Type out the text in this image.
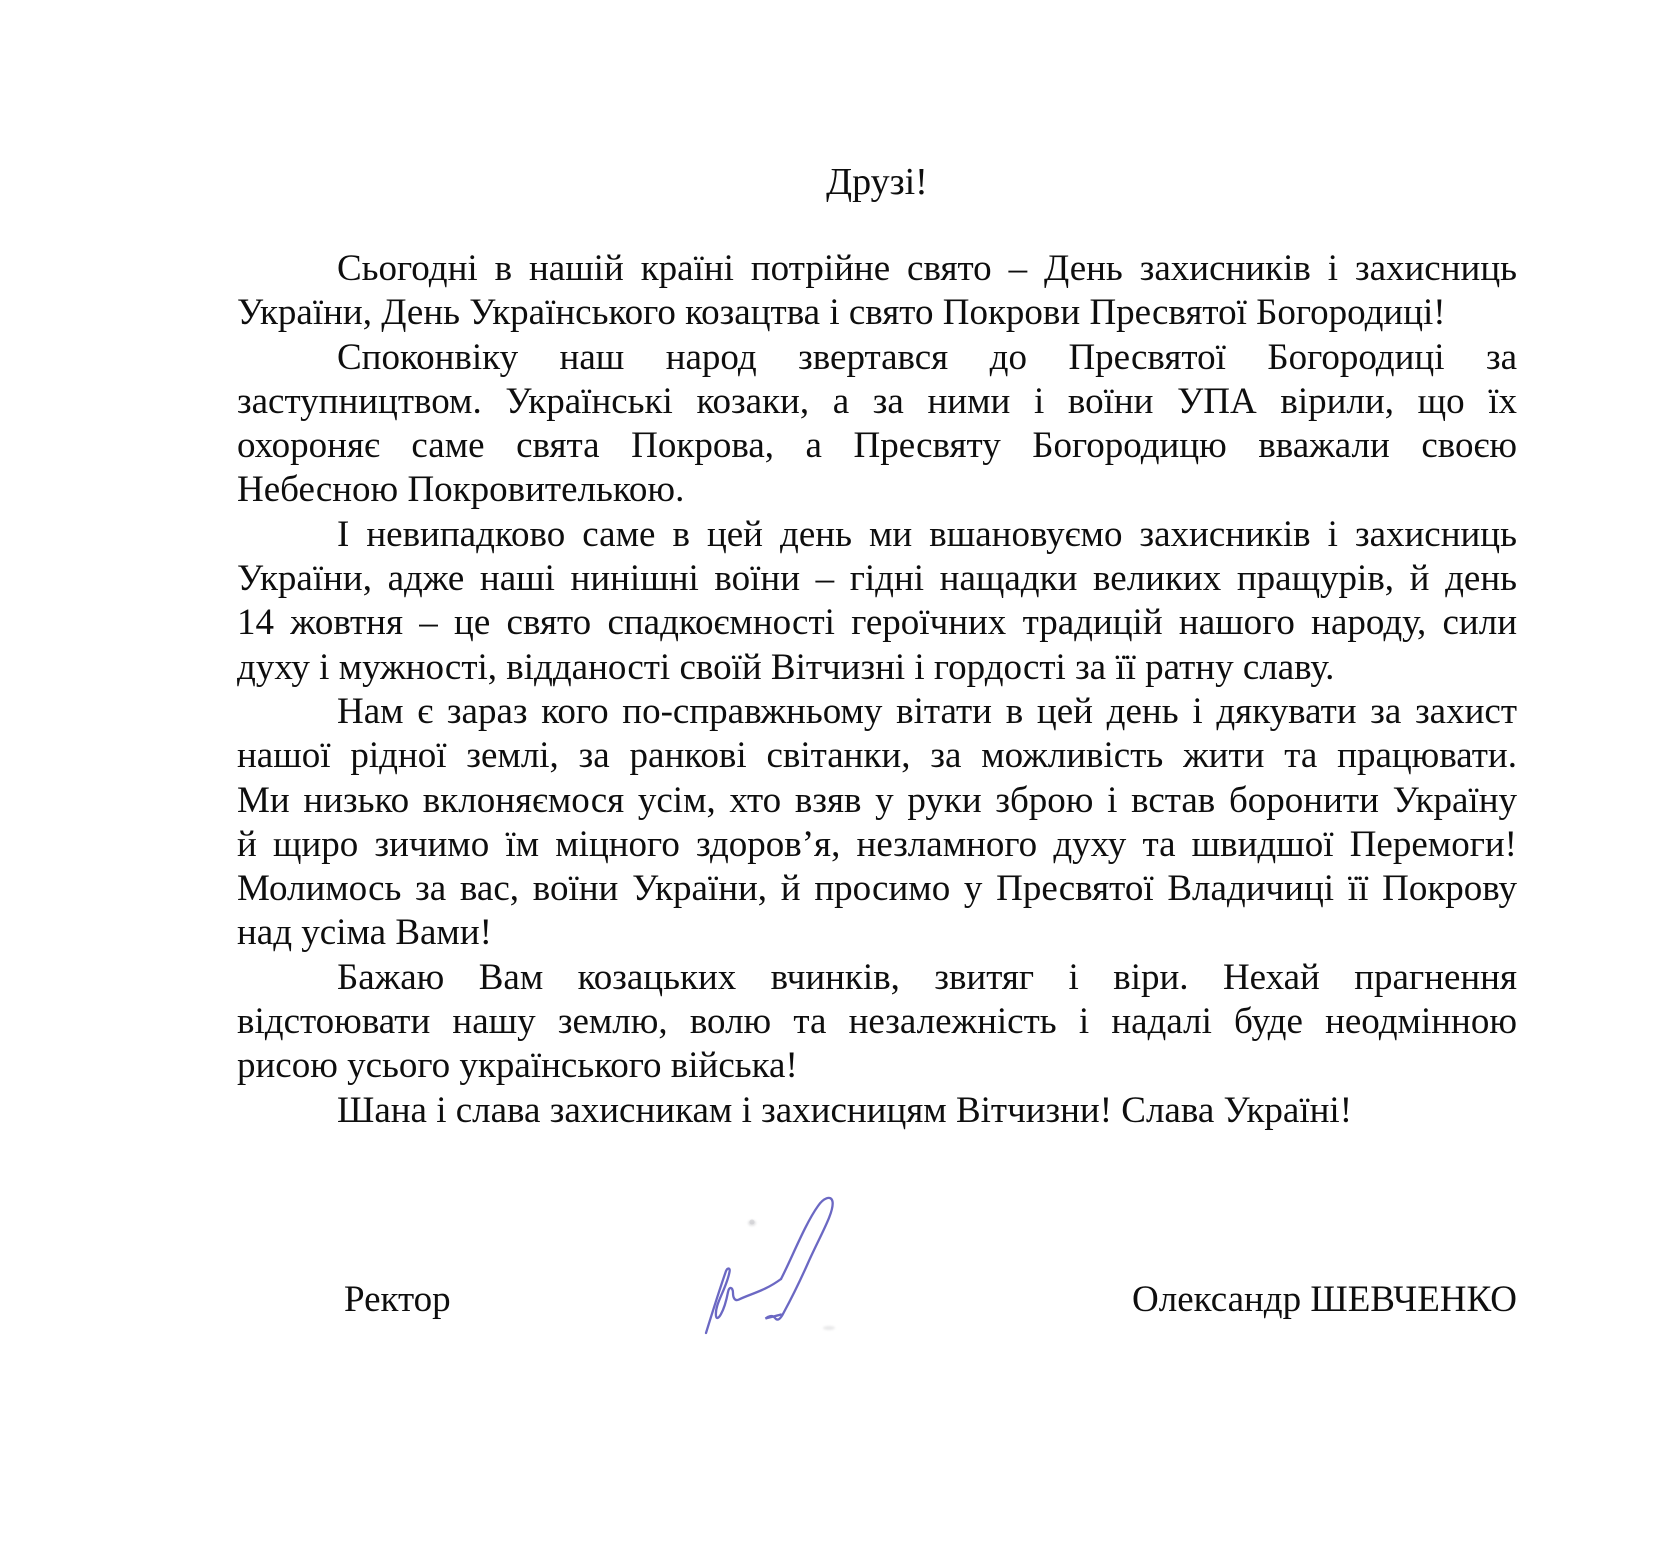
Друзі!
Сьогодні в нашій країні потрійне свято – День захисників і захисниць
України, День Українського козацтва і свято Покрови Пресвятої Богородиці!
Споконвіку наш народ звертався до Пресвятої Богородиці за
заступництвом. Українські козаки, а за ними і воїни УПА вірили, що їх
охороняє саме свята Покрова, а Пресвяту Богородицю вважали своєю
Небесною Покровителькою.
І невипадково саме в цей день ми вшановуємо захисників і захисниць
України, адже наші нинішні воїни – гідні нащадки великих пращурів, й день
14 жовтня – це свято спадкоємності героїчних традицій нашого народу, сили
духу і мужності, відданості своїй Вітчизні і гордості за її ратну славу.
Нам є зараз кого по-справжньому вітати в цей день і дякувати за захист
нашої рідної землі, за ранкові світанки, за можливість жити та працювати.
Ми низько вклоняємося усім, хто взяв у руки зброю і встав боронити Україну
й щиро зичимо їм міцного здоров’я, незламного духу та швидшої Перемоги!
Молимось за вас, воїни України, й просимо у Пресвятої Владичиці її Покрову
над усіма Вами!
Бажаю Вам козацьких вчинків, звитяг і віри. Нехай прагнення
відстоювати нашу землю, волю та незалежність і надалі буде неодмінною
рисою усього українського війська!
Шана і слава захисникам і захисницям Вітчизни! Слава Україні!
Ректор	Олександр ШЕВЧЕНКО
